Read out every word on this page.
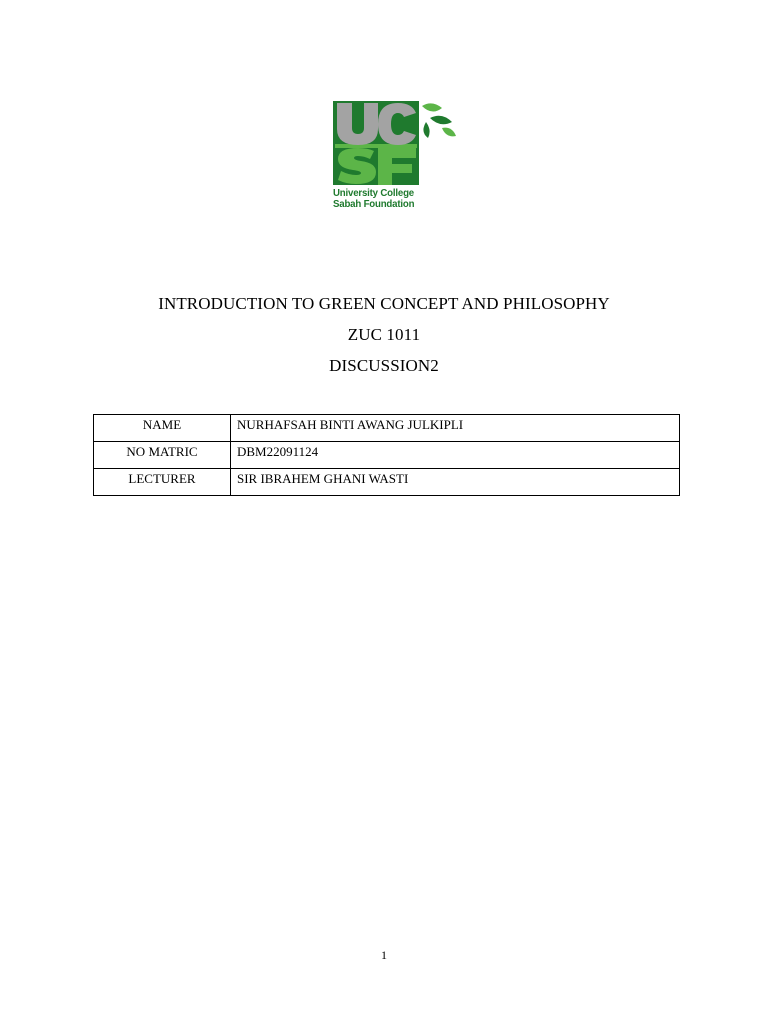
University College
Sabah Foundation
INTRODUCTION TO GREEN CONCEPT AND PHILOSOPHY
ZUC 1011
DISCUSSION2
NAME	NURHAFSAH BINTI AWANG JULKIPLI
NO MATRIC	DBM22091124
LECTURER	SIR IBRAHEM GHANI WASTI
1
